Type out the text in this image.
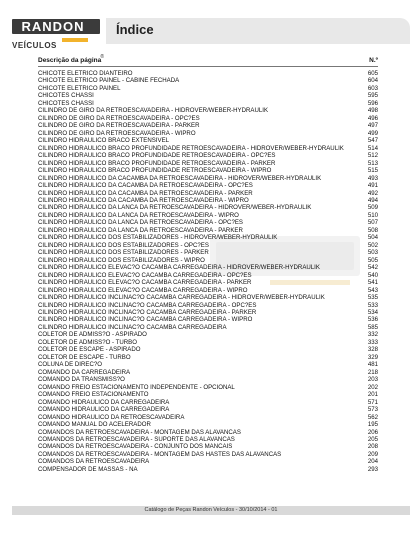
RANDON
VEÍCULOS
®
Índice
Descrição da página	N.º
CHICOTE ELETRICO DIANTEIRO	605
CHICOTE ELETRICO PAINEL - CABINE FECHADA	604
CHICOTE ELETRICO PAINEL	603
CHICOTES CHASSI	595
CHICOTES CHASSI	596
CILINDRO DE GIRO DA RETROESCAVADEIRA - HIDROVER/WEBER-HYDRAULIK	498
CILINDRO DE GIRO DA RETROESCAVADEIRA - OPC?ES	496
CILINDRO DE GIRO DA RETROESCAVADEIRA - PARKER	497
CILINDRO DE GIRO DA RETROESCAVADEIRA - WIPRO	499
CILINDRO HIDRAULICO BRACO EXTENSIVEL	547
CILINDRO HIDRAULICO BRACO PROFUNDIDADE RETROESCAVADEIRA - HIDROVER/WEBER-HYDRAULIK	514
CILINDRO HIDRAULICO BRACO PROFUNDIDADE RETROESCAVADEIRA - OPC?ES	512
CILINDRO HIDRAULICO BRACO PROFUNDIDADE RETROESCAVADEIRA - PARKER	513
CILINDRO HIDRAULICO BRACO PROFUNDIDADE RETROESCAVADEIRA - WIPRO	515
CILINDRO HIDRAULICO DA CACAMBA DA RETROESCAVADEIRA - HIDROVER/WEBER-HYDRAULIK	493
CILINDRO HIDRAULICO DA CACAMBA DA RETROESCAVADEIRA - OPC?ES	491
CILINDRO HIDRAULICO DA CACAMBA DA RETROESCAVADEIRA - PARKER	492
CILINDRO HIDRAULICO DA CACAMBA DA RETROESCAVADEIRA - WIPRO	494
CILINDRO HIDRAULICO DA LANCA DA RETROESCAVADEIRA - HIDROVER/WEBER-HYDRAULIK	509
CILINDRO HIDRAULICO DA LANCA DA RETROESCAVADEIRA - WIPRO	510
CILINDRO HIDRAULICO DA LANCA DA RETROESCAVADEIRA - OPC?ES	507
CILINDRO HIDRAULICO DA LANCA DA RETROESCAVADEIRA - PARKER	508
CILINDRO HIDRAULICO DOS ESTABILIZADORES - HIDROVER/WEBER-HYDRAULIK	504
CILINDRO HIDRAULICO DOS ESTABILIZADORES - OPC?ES	502
CILINDRO HIDRAULICO DOS ESTABILIZADORES - PARKER	503
CILINDRO HIDRAULICO DOS ESTABILIZADORES - WIPRO	505
CILINDRO HIDRAULICO ELEVAC?O CACAMBA CARREGADEIRA - HIDROVER/WEBER-HYDRAULIK	542
CILINDRO HIDRAULICO ELEVAC?O CACAMBA CARREGADEIRA - OPC?ES	540
CILINDRO HIDRAULICO ELEVAC?O CACAMBA CARREGADEIRA - PARKER	541
CILINDRO HIDRAULICO ELEVAC?O CACAMBA CARREGADEIRA - WIPRO	543
CILINDRO HIDRAULICO INCLINAC?O CACAMBA CARREGADEIRA - HIDROVER/WEBER-HYDRAULIK	535
CILINDRO HIDRAULICO INCLINAC?O CACAMBA CARREGADEIRA - OPC?ES	533
CILINDRO HIDRAULICO INCLINAC?O CACAMBA CARREGADEIRA - PARKER	534
CILINDRO HIDRAULICO INCLINAC?O CACAMBA CARREGADEIRA - WIPRO	536
CILINDRO HIDRAULICO INCLINAC?O CACAMBA CARREGADEIRA	585
COLETOR DE ADMISS?O - ASPIRADO	332
COLETOR DE ADMISS?O - TURBO	333
COLETOR DE ESCAPE - ASPIRADO	328
COLETOR DE ESCAPE - TURBO	329
COLUNA DE DIREC?O	481
COMANDO DA CARREGADEIRA	218
COMANDO DA TRANSMISS?O	203
COMANDO FREIO ESTACIONAMENTO INDEPENDENTE - OPCIONAL	202
COMANDO FREIO ESTACIONAMENTO	201
COMANDO HIDRAULICO DA CARREGADEIRA	571
COMANDO HIDRAULICO DA CARREGADEIRA	573
COMANDO HIDRAULICO DA RETROESCAVADEIRA	562
COMANDO MANUAL DO ACELERADOR	195
COMANDOS DA RETROESCAVADEIRA - MONTAGEM DAS ALAVANCAS	206
COMANDOS DA RETROESCAVADEIRA - SUPORTE DAS ALAVANCAS	205
COMANDOS DA RETROESCAVADEIRA - CONJUNTO DOS MANCAIS	208
COMANDOS DA RETROESCAVADEIRA - MONTAGEM DAS HASTES DAS ALAVANCAS	209
COMANDOS DA RETROESCAVADEIRA	204
COMPENSADOR DE MASSAS - NA	293
Catálogo de Peças Randon Veículos - 30/10/2014 - 01
